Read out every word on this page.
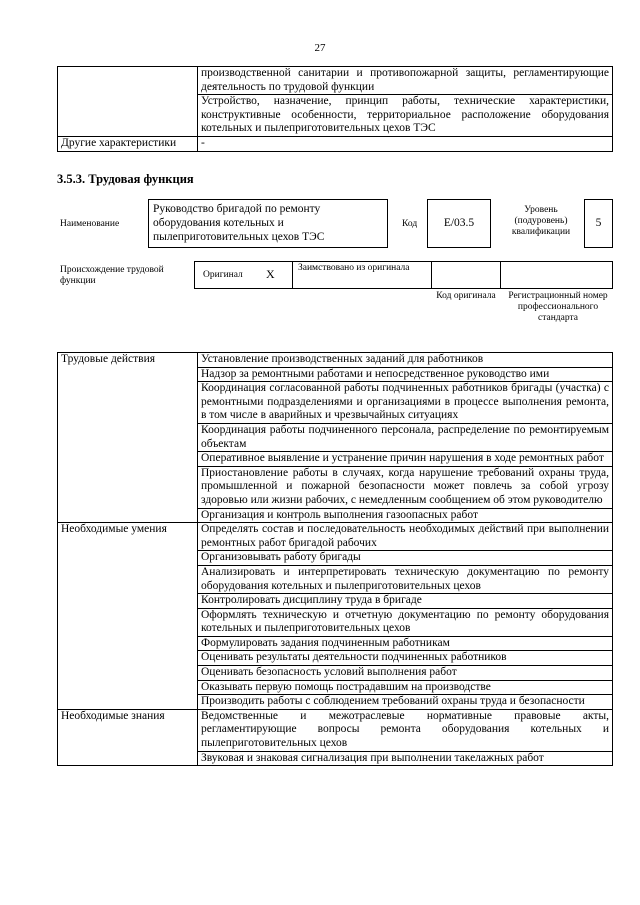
27
	производственной санитарии и противопожарной защиты, регламентирующие деятельность по трудовой функции
	Устройство, назначение, принцип работы, технические характеристики, конструктивные особенности, территориальное расположение оборудования котельных и пылеприготовительных цехов ТЭС
Другие характеристики	-
3.5.3. Трудовая функция
Наименование
Руководство бригадой по ремонту оборудования котельных и пылеприготовительных цехов ТЭС
Код	E/03.5
Уровень (подуровень) квалификации
5
Происхождение трудовой функции
Оригинал X Заимствовано из оригинала
Код оригинала Регистрационный номер профессионального стандарта
Трудовые действия	Установление производственных заданий для работников
	Надзор за ремонтными работами и непосредственное руководство ими
	Координация согласованной работы подчиненных работников бригады (участка) с ремонтными подразделениями и организациями в процессе выполнения ремонта, в том числе в аварийных и чрезвычайных ситуациях
	Координация работы подчиненного персонала, распределение по ремонтируемым объектам
	Оперативное выявление и устранение причин нарушения в ходе ремонтных работ
	Приостановление работы в случаях, когда нарушение требований охраны труда, промышленной и пожарной безопасности может повлечь за собой угрозу здоровью или жизни рабочих, с немедленным сообщением об этом руководителю
	Организация и контроль выполнения газоопасных работ
Необходимые умения	Определять состав и последовательность необходимых действий при выполнении ремонтных работ бригадой рабочих
	Организовывать работу бригады
	Анализировать и интерпретировать техническую документацию по ремонту оборудования котельных и пылеприготовительных цехов
	Контролировать дисциплину труда в бригаде
	Оформлять техническую и отчетную документацию по ремонту оборудования котельных и пылеприготовительных цехов
	Формулировать задания подчиненным работникам
	Оценивать результаты деятельности подчиненных работников
	Оценивать безопасность условий выполнения работ
	Оказывать первую помощь пострадавшим на производстве
	Производить работы с соблюдением требований охраны труда и безопасности
Необходимые знания	Ведомственные и межотраслевые нормативные правовые акты, регламентирующие вопросы ремонта оборудования котельных и пылеприготовительных цехов
	Звуковая и знаковая сигнализация при выполнении такелажных работ
